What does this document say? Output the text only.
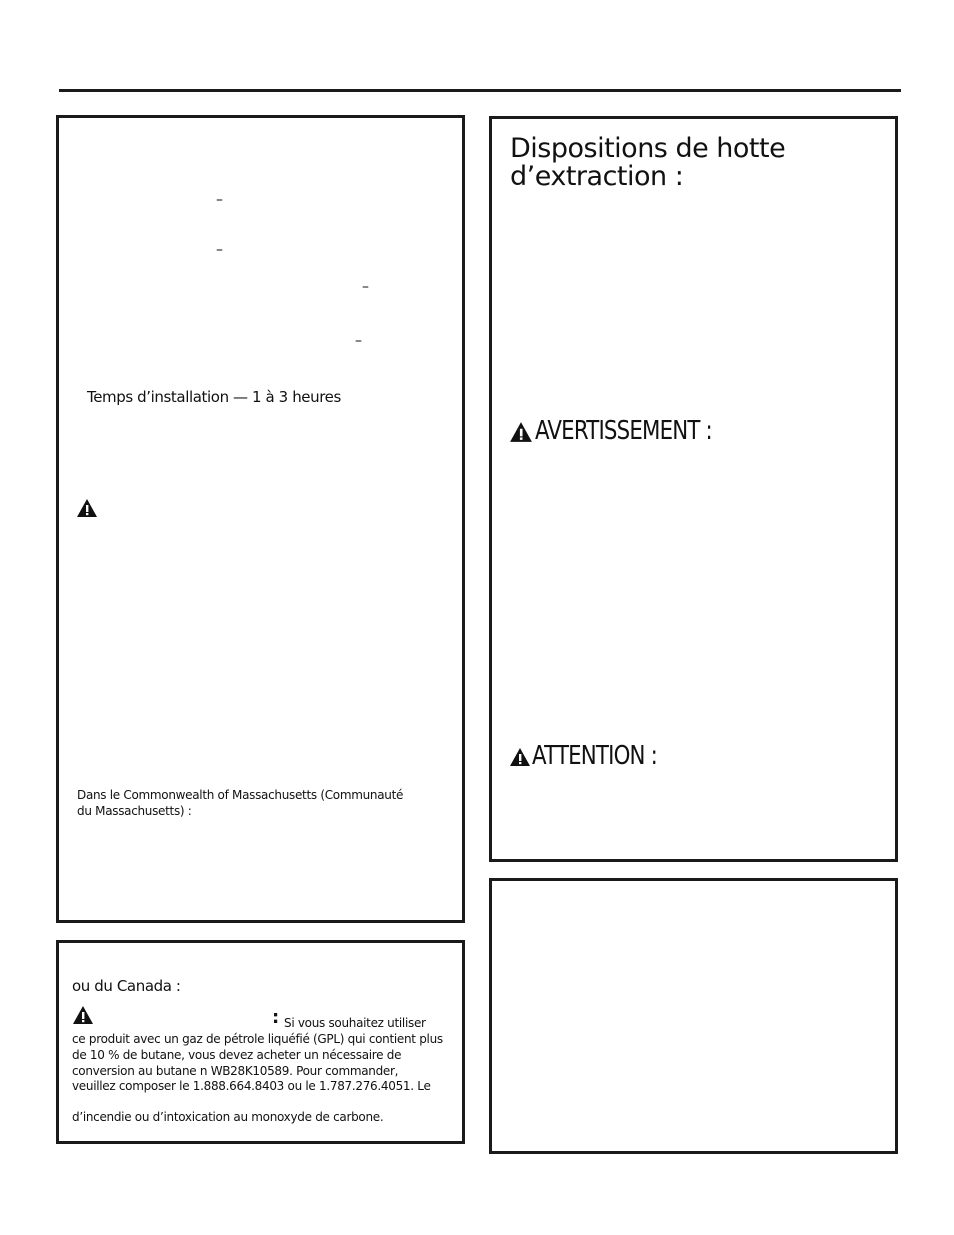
–
–
–
–
Temps d’installation — 1 à 3 heures
Dans le Commonwealth of Massachusetts (Communauté
du Massachusetts) :
ou du Canada :
: Si vous souhaitez utiliser
ce produit avec un gaz de pétrole liquéfié (GPL) qui contient plus
de 10 % de butane, vous devez acheter un nécessaire de
conversion au butane n WB28K10589. Pour commander,
veuillez composer le 1.888.664.8403 ou le 1.787.276.4051. Le
d’incendie ou d’intoxication au monoxyde de carbone.
Dispositions de hotte
d’extraction :
AVERTISSEMENT :
ATTENTION :
